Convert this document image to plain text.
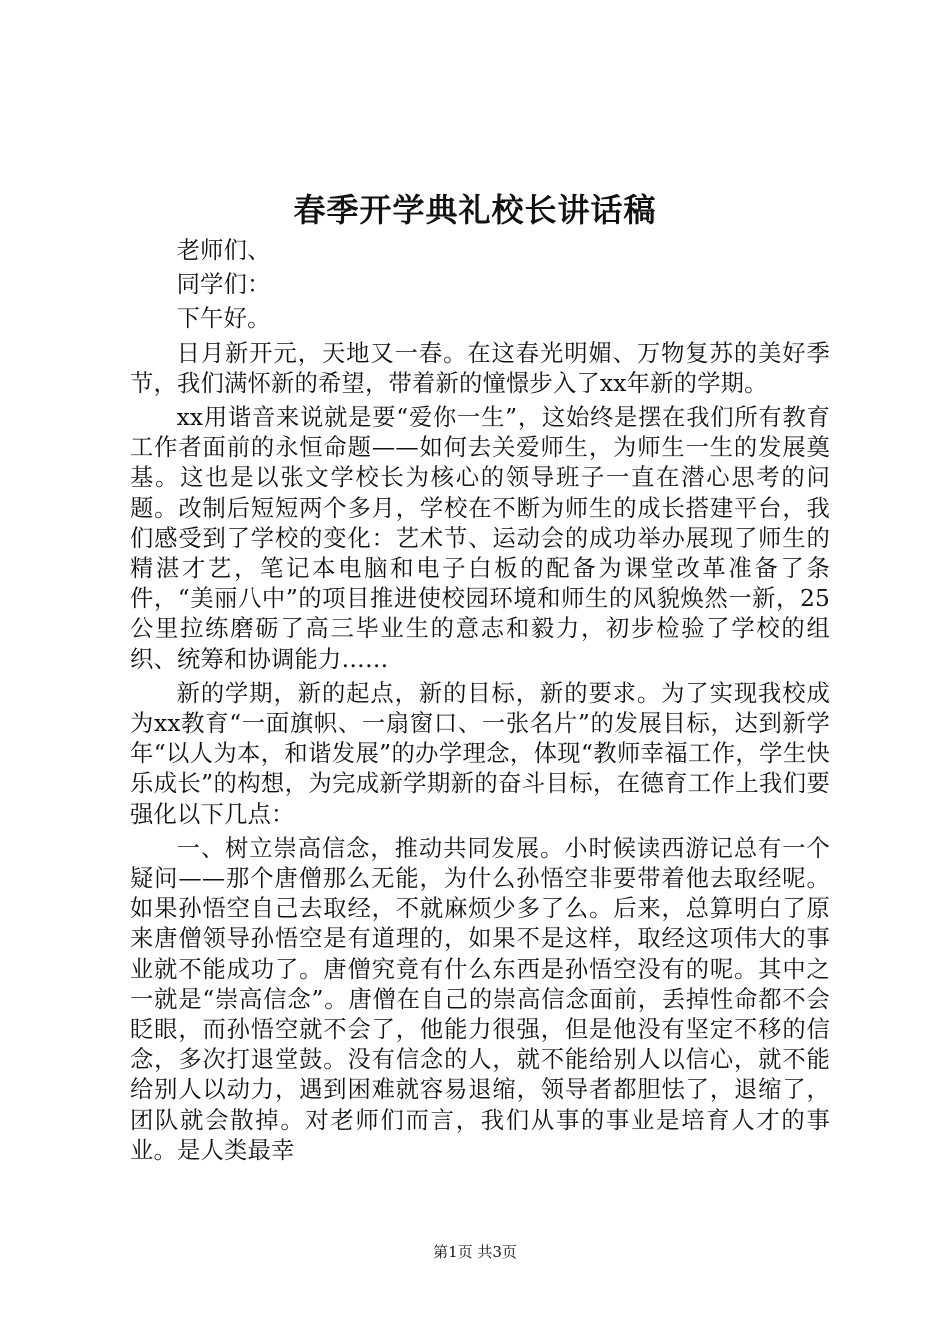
春季开学典礼校长讲话稿

老师们、

同学们：

下午好。

日月新开元，天地又一春。在这春光明媚、万物复苏的美好季节，我们满怀新的希望，带着新的憧憬步入了xx年新的学期。

xx用谐音来说就是要“爱你一生”，这始终是摆在我们所有教育工作者面前的永恒命题——如何去关爱师生，为师生一生的发展奠基。这也是以张文学校长为核心的领导班子一直在潜心思考的问题。改制后短短两个多月，学校在不断为师生的成长搭建平台，我们感受到了学校的变化：艺术节、运动会的成功举办展现了师生的精湛才艺，笔记本电脑和电子白板的配备为课堂改革准备了条件，“美丽八中”的项目推进使校园环境和师生的风貌焕然一新，25公里拉练磨砺了高三毕业生的意志和毅力，初步检验了学校的组织、统筹和协调能力……

新的学期，新的起点，新的目标，新的要求。为了实现我校成为xx教育“一面旗帜、一扇窗口、一张名片”的发展目标，达到新学年“以人为本，和谐发展”的办学理念，体现“教师幸福工作，学生快乐成长”的构想，为完成新学期新的奋斗目标，在德育工作上我们要强化以下几点：

一、树立崇高信念，推动共同发展。小时候读西游记总有一个疑问——那个唐僧那么无能，为什么孙悟空非要带着他去取经呢。如果孙悟空自己去取经，不就麻烦少多了么。后来，总算明白了原来唐僧领导孙悟空是有道理的，如果不是这样，取经这项伟大的事业就不能成功了。唐僧究竟有什么东西是孙悟空没有的呢。其中之一就是“崇高信念”。唐僧在自己的崇高信念面前，丢掉性命都不会眨眼，而孙悟空就不会了，他能力很强，但是他没有坚定不移的信念，多次打退堂鼓。没有信念的人，就不能给别人以信心，就不能给别人以动力，遇到困难就容易退缩，领导者都胆怯了，退缩了，团队就会散掉。对老师们而言，我们从事的事业是培育人才的事业。是人类最幸

第1页 共3页
